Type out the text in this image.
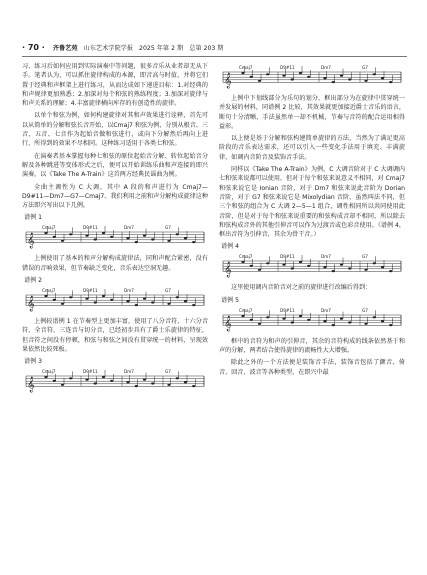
· 70 · 齐鲁艺苑 山东艺术学院学报 2025 年第 2 期 总第 203 期

习、练习后如何应用到实际演奏中等问题，很多音乐从业者却无从下手。笔者认为，可以抓住旋律构成的本源，即音高与时值，并将它们置于经典和声框架上进行练习，从而达成如下递进目标：1.对经典的和声规律更加熟悉；2.加深对每个和弦的熟练程度；3.加深对旋律与和声关系的理解；4.丰富旋律横向库存的有创造性的旋律。

以单个和弦为例，如何构建旋律对其和声效果进行诠释，首先可以从简单的分解和弦长音开始，以Cmaj7 和弦为例，分别从根音、三音、五音、七音作为起始音做和弦进行，或向下分解然后再向上进行，所得到的效果不尽相同。这种练习适用于各类七和弦。

在演奏者基本掌握每种七和弦的原位起始音分解、转位起始音分解及各种跳进等变体形式之后，便可以开始训练乐曲和声连接的即兴演奏，以《Take The A-Train》这首两方经典民谣曲为例。

全曲主调性为 C 大调，其中 A 段的和声进行为 Cmaj7—D9#11—Dm7—G7—Cmaj7。我们利用之前和声分解构成旋律这种方法即兴写出以下几例。

谱例 1
𝄞
Cmaj7	D9#11	Dm7	G7

上例使用了基本的和声分解构成旋律法，同和声配合紧密，没有错误的音响效果，但节奏缺乏变化，音乐表达空洞无趣。

谱例 2
𝄞
Cmaj7	D9#11	Dm7	G7

上例较谱例 1 在节奏型上更加丰富，使用了八分音符、十六分音符、全音符、三连音与切分音，已经初步具有了爵士乐旋律的特征，但音符之间没有停顿，和弦与和弦之间没有贯穿统一的材料，呈现效果依然比较死板。

谱例 3
𝄞
Cmaj7	D9#11	Dm7	G7
𝄞
Cmaj7	D9#11	Dm7	G7

上例中下划线部分为乐句的划分，框出部分为在旋律中贯穿统一并发展的材料，同谱例 2 比较，其效果就更加接近爵士音乐的语言，断句十分清晰，手法虽然单一却不机械，节奏与音符的配合运用相得益彰。

以上便是基于分解和弦构建简单旋律的方法，当然为了满足更高阶段的音乐表达需求，还可以引入一些变化手法用于填充、丰满旋律，如调内音阶音及装饰音手法。

同样以《Take The A-Train》为例，C 大调音阶对于 C 大调调内七和弦来说都可以使用，但对于每个和弦来说意义不相同，对 Cmaj7 和弦来说它是 Ionian 音阶，对于 Dm7 和弦来说此音阶为 Dorian 音阶，对于 G7 和弦来说它是 Mixolydian 音阶，虽然叫法不同，但三个和弦的组合为 C 大调 2—5—1 组合，调性相同所以共同使用此音阶，但是对于每个和弦来说重要的和弦构成音却不相同，所以除去和弦构成音外的其他引伸音可以作为过渡音或色彩音使用。（谱例 4，框出音符为引伸音，其余为骨干音。）

谱例 4
𝄞
Cmaj7	D9#11	Dm7	G7

这里使用调内音阶音对之前的旋律进行改编后得到：

谱例 5
𝄞
Cmaj7	D9#11	Dm7	G7

框中的音符为和声的引伸音，其余的音符构成的线条依然基于和声的分解，两者结合使得旋律的流畅性大大增强。

除此之外的一个方法便是装饰音手法，装饰音包括了颤音、倚音、回音、波音等各种类型，在即兴中最
